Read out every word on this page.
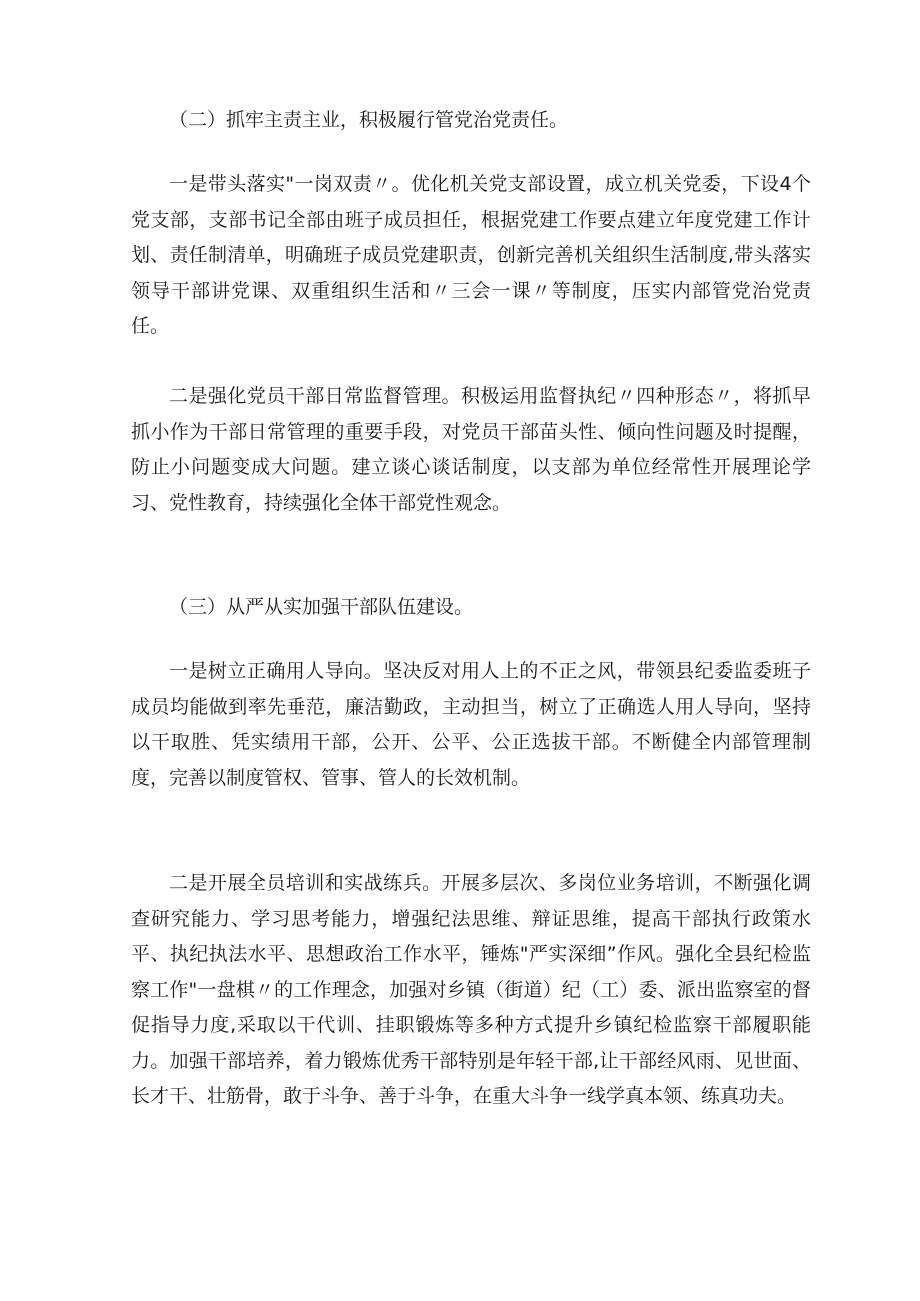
（二）抓牢主责主业，积极履行管党治党责任。

一是带头落实"一岗双责〃。优化机关党支部设置，成立机关党委，下设4个党支部，支部书记全部由班子成员担任，根据党建工作要点建立年度党建工作计划、责任制清单，明确班子成员党建职责，创新完善机关组织生活制度,带头落实领导干部讲党课、双重组织生活和〃三会一课〃等制度，压实内部管党治党责任。

二是强化党员干部日常监督管理。积极运用监督执纪〃四种形态〃，将抓早抓小作为干部日常管理的重要手段，对党员干部苗头性、倾向性问题及时提醒，防止小问题变成大问题。建立谈心谈话制度，以支部为单位经常性开展理论学习、党性教育，持续强化全体干部党性观念。

（三）从严从实加强干部队伍建设。

一是树立正确用人导向。坚决反对用人上的不正之风，带领县纪委监委班子成员均能做到率先垂范，廉洁勤政，主动担当，树立了正确选人用人导向，坚持以干取胜、凭实绩用干部，公开、公平、公正选拔干部。不断健全内部管理制度，完善以制度管权、管事、管人的长效机制。

二是开展全员培训和实战练兵。开展多层次、多岗位业务培训，不断强化调查研究能力、学习思考能力，增强纪法思维、辩证思维，提高干部执行政策水平、执纪执法水平、思想政治工作水平，锤炼"严实深细”作风。强化全县纪检监察工作"一盘棋〃的工作理念，加强对乡镇（街道）纪（工）委、派出监察室的督促指导力度,采取以干代训、挂职锻炼等多种方式提升乡镇纪检监察干部履职能力。加强干部培养，着力锻炼优秀干部特别是年轻干部,让干部经风雨、见世面、长才干、壮筋骨，敢于斗争、善于斗争，在重大斗争一线学真本领、练真功夫。
